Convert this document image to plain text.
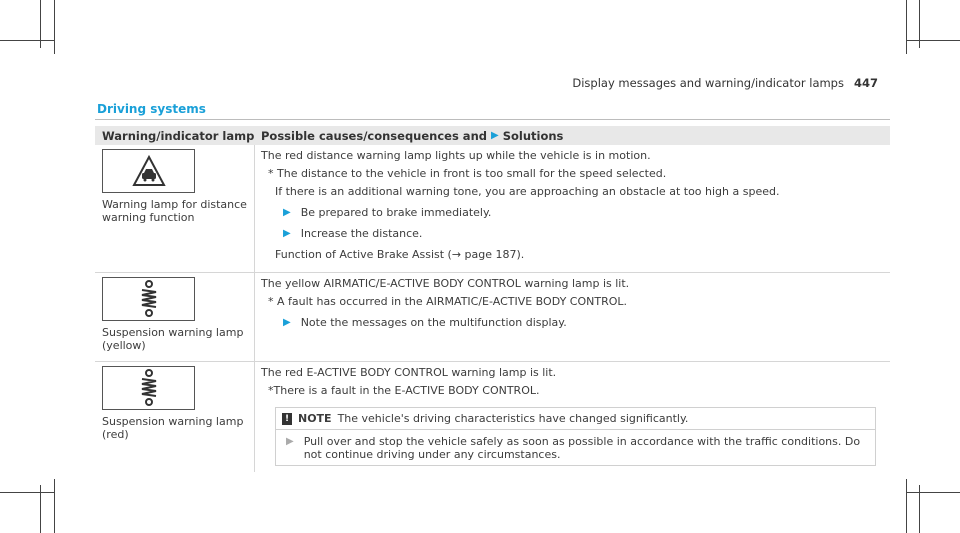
Display messages and warning/indicator lamps 447
Driving systems
Warning/indicator lamp Possible causes/consequences and ▶ Solutions
Warning lamp for distance warning function

The red distance warning lamp lights up while the vehicle is in motion.

* The distance to the vehicle in front is too small for the speed selected.

If there is an additional warning tone, you are approaching an obstacle at too high a speed.

▶ Be prepared to brake immediately.
▶ Increase the distance.

Function of Active Brake Assist (→ page 187).

Suspension warning lamp (yellow)

The yellow AIRMATIC/E-ACTIVE BODY CONTROL warning lamp is lit.

* A fault has occurred in the AIRMATIC/E-ACTIVE BODY CONTROL.

▶ Note the messages on the multifunction display.
Suspension warning lamp (red)

The red E-ACTIVE BODY CONTROL warning lamp is lit.

*There is a fault in the E-ACTIVE BODY CONTROL.

! NOTE The vehicle's driving characteristics have changed significantly.
▶ Pull over and stop the vehicle safely as soon as possible in accordance with the traffic conditions. Do not continue driving under any circumstances.
